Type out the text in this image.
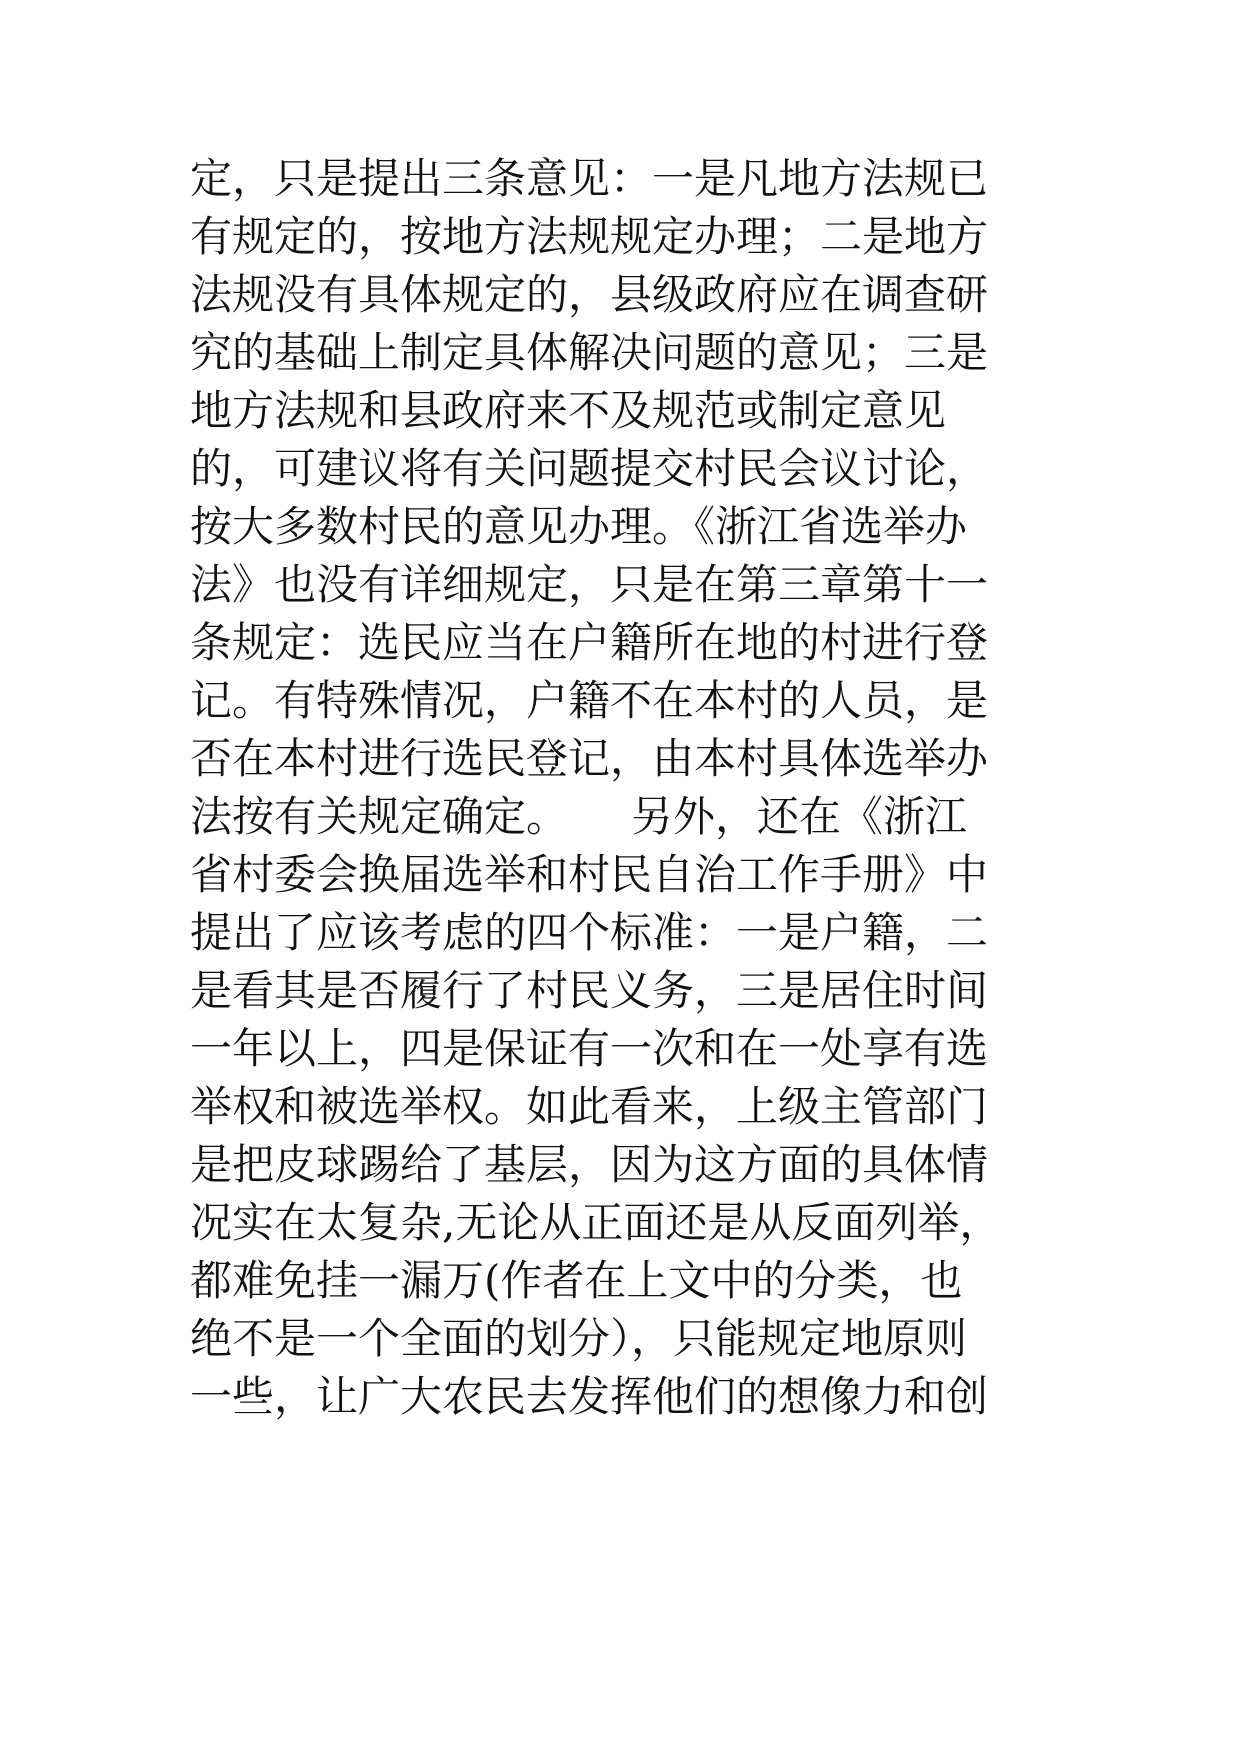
定，只是提出三条意见：一是凡地方法规已
有规定的，按地方法规规定办理；二是地方
法规没有具体规定的，县级政府应在调查研
究的基础上制定具体解决问题的意见；三是
地方法规和县政府来不及规范或制定意见
的，可建议将有关问题提交村民会议讨论，
按大多数村民的意见办理。《浙江省选举办
法》也没有详细规定，只是在第三章第十一
条规定：选民应当在户籍所在地的村进行登
记。有特殊情况，户籍不在本村的人员，是
否在本村进行选民登记，由本村具体选举办
法按有关规定确定。　　另外，还在《浙江
省村委会换届选举和村民自治工作手册》中
提出了应该考虑的四个标准：一是户籍，二
是看其是否履行了村民义务，三是居住时间
一年以上，四是保证有一次和在一处享有选
举权和被选举权。如此看来，上级主管部门
是把皮球踢给了基层，因为这方面的具体情
况实在太复杂,无论从正面还是从反面列举，
都难免挂一漏万(作者在上文中的分类，也
绝不是一个全面的划分），只能规定地原则
一些，让广大农民去发挥他们的想像力和创
